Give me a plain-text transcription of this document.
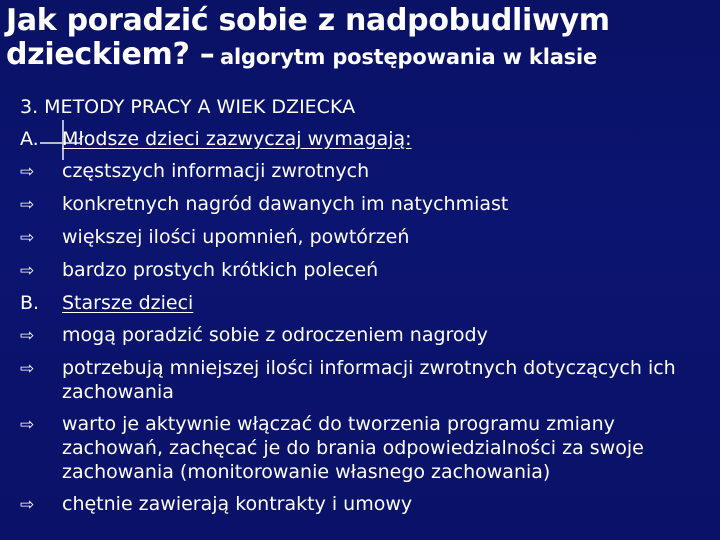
Jak poradzić sobie z nadpobudliwym
dzieckiem? – algorytm postępowania w klasie
3. METODY PRACY A WIEK DZIECKA
A.	Młodsze dzieci zazwyczaj wymagają:
⇨	częstszych informacji zwrotnych
⇨	konkretnych nagród dawanych im natychmiast
⇨	większej ilości upomnień, powtórzeń
⇨	bardzo prostych krótkich poleceń
B.	Starsze dzieci
⇨	mogą poradzić sobie z odroczeniem nagrody
⇨	potrzebują mniejszej ilości informacji zwrotnych dotyczących ich zachowania
⇨	warto je aktywnie włączać do tworzenia programu zmiany zachowań, zachęcać je do brania odpowiedzialności za swoje zachowania (monitorowanie własnego zachowania)
⇨	chętnie zawierają kontrakty i umowy
